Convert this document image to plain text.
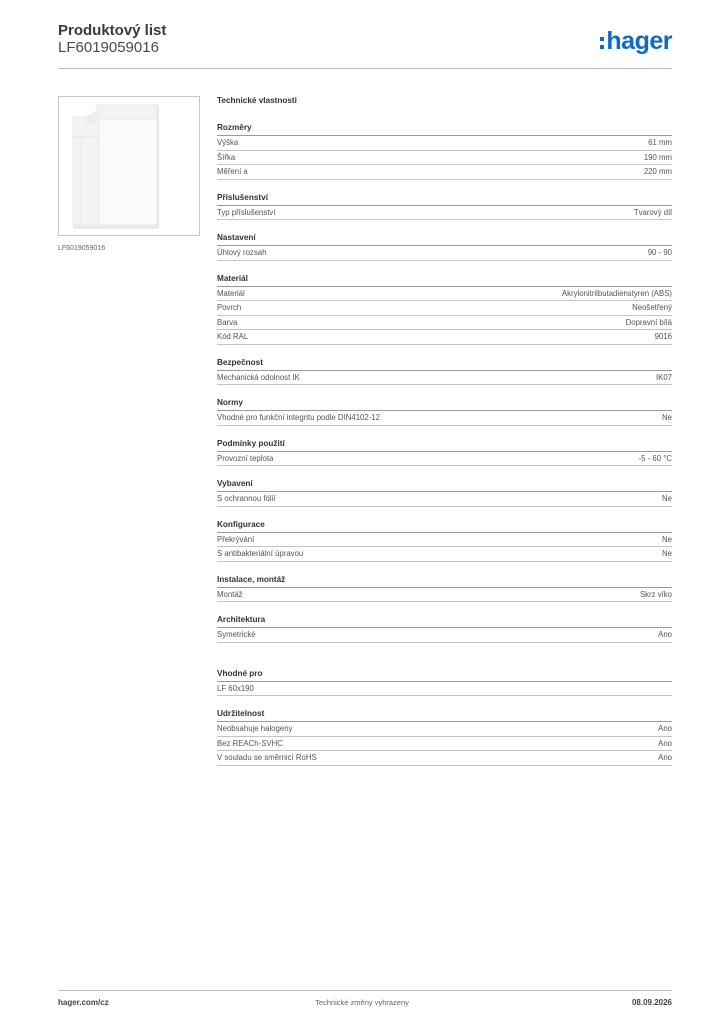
Produktový list
LF6019059016	hager
LF6019059016
Technické vlastnosti
Rozměry
Výška	61 mm
Šířka	190 mm
Měření a	220 mm
Příslušenství
Typ příslušenství	Tvarový díl
Nastavení
Úhlový rozsah	90 - 90
Materiál
Materiál	Akrylonitrilbutadienstyren (ABS)
Povrch	Neošetřený
Barva	Dopravní bílá
Kód RAL	9016
Bezpečnost
Mechanická odolnost IK	IK07
Normy
Vhodné pro funkční integritu podle DIN4102-12	Ne
Podmínky použití
Provozní teplota	-5 - 60 °C
Vybavení
S ochrannou fólií	Ne
Konfigurace
Překrývání	Ne
S antibakteriální úpravou	Ne
Instalace, montáž
Montáž	Skrz víko
Architektura
Symetrické	Ano
Vhodné pro
LF 60x190
Udržitelnost
Neobsahuje halogeny	Ano
Bez REACh-SVHC	Ano
V souladu se směrnicí RoHS	Ano
hager.com/cz	Technické změny vyhrazeny	08.09.2026
